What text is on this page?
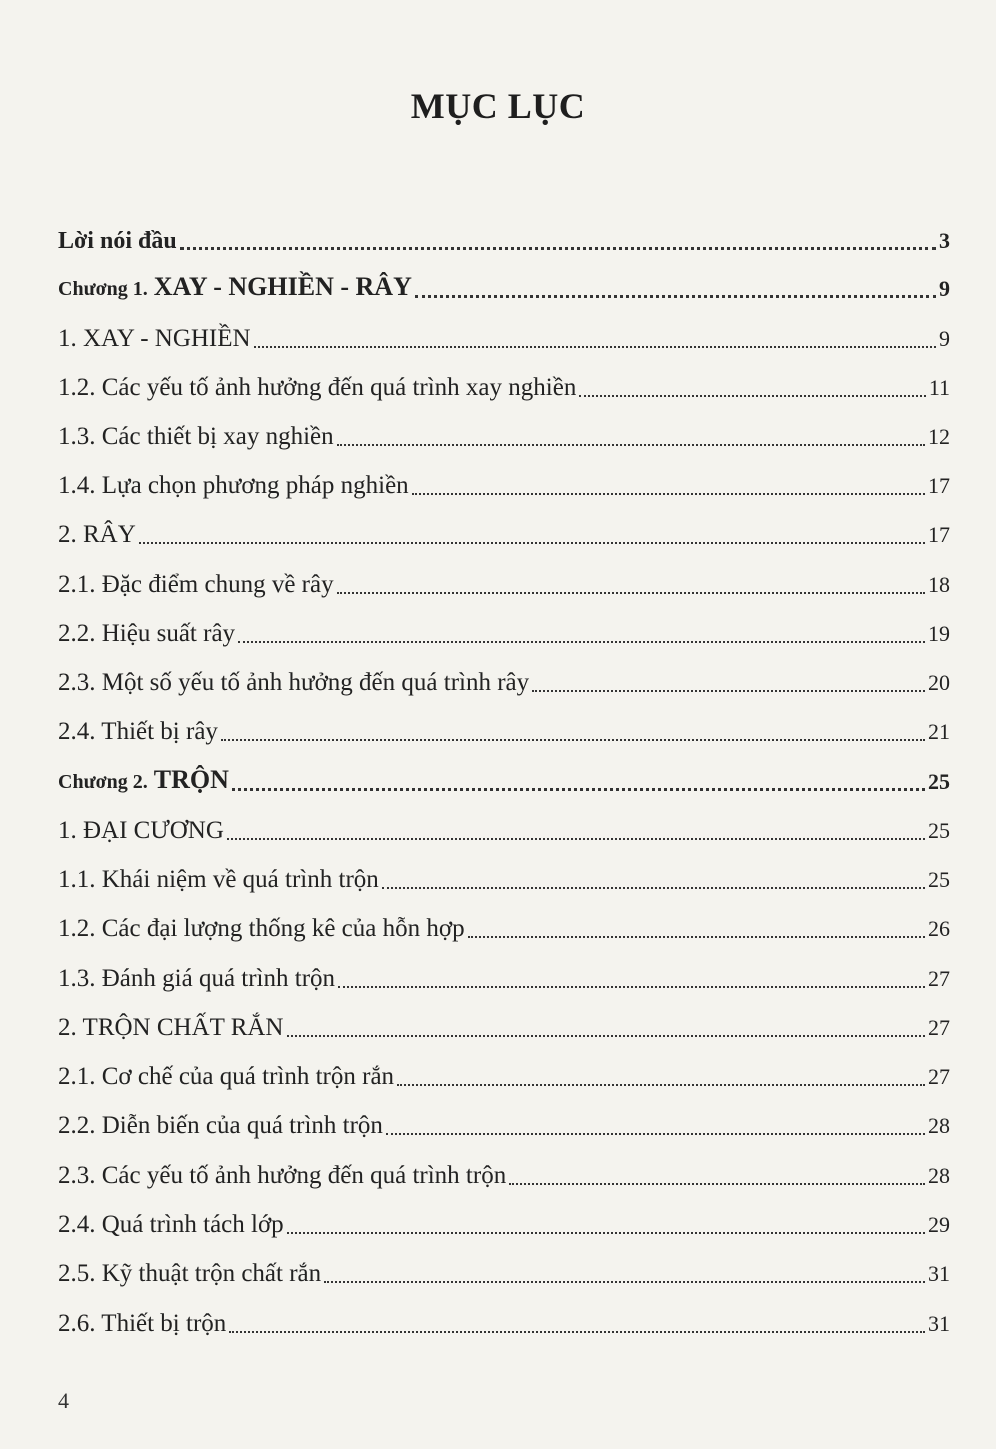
MỤC LỤC
Lời nói đầu	3
Chương 1. XAY - NGHIỀN - RÂY	9
1. XAY - NGHIỀN	9
1.2. Các yếu tố ảnh hưởng đến quá trình xay nghiền	11
1.3. Các thiết bị xay nghiền	12
1.4. Lựa chọn phương pháp nghiền	17
2. RÂY	17
2.1. Đặc điểm chung về rây	18
2.2. Hiệu suất rây	19
2.3. Một số yếu tố ảnh hưởng đến quá trình rây	20
2.4. Thiết bị rây	21
Chương 2. TRỘN	25
1. ĐẠI CƯƠNG	25
1.1. Khái niệm về quá trình trộn	25
1.2. Các đại lượng thống kê của hỗn hợp	26
1.3. Đánh giá quá trình trộn	27
2. TRỘN CHẤT RẮN	27
2.1. Cơ chế của quá trình trộn rắn	27
2.2. Diễn biến của quá trình trộn	28
2.3. Các yếu tố ảnh hưởng đến quá trình trộn	28
2.4. Quá trình tách lớp	29
2.5. Kỹ thuật trộn chất rắn	31
2.6. Thiết bị trộn	31
4
